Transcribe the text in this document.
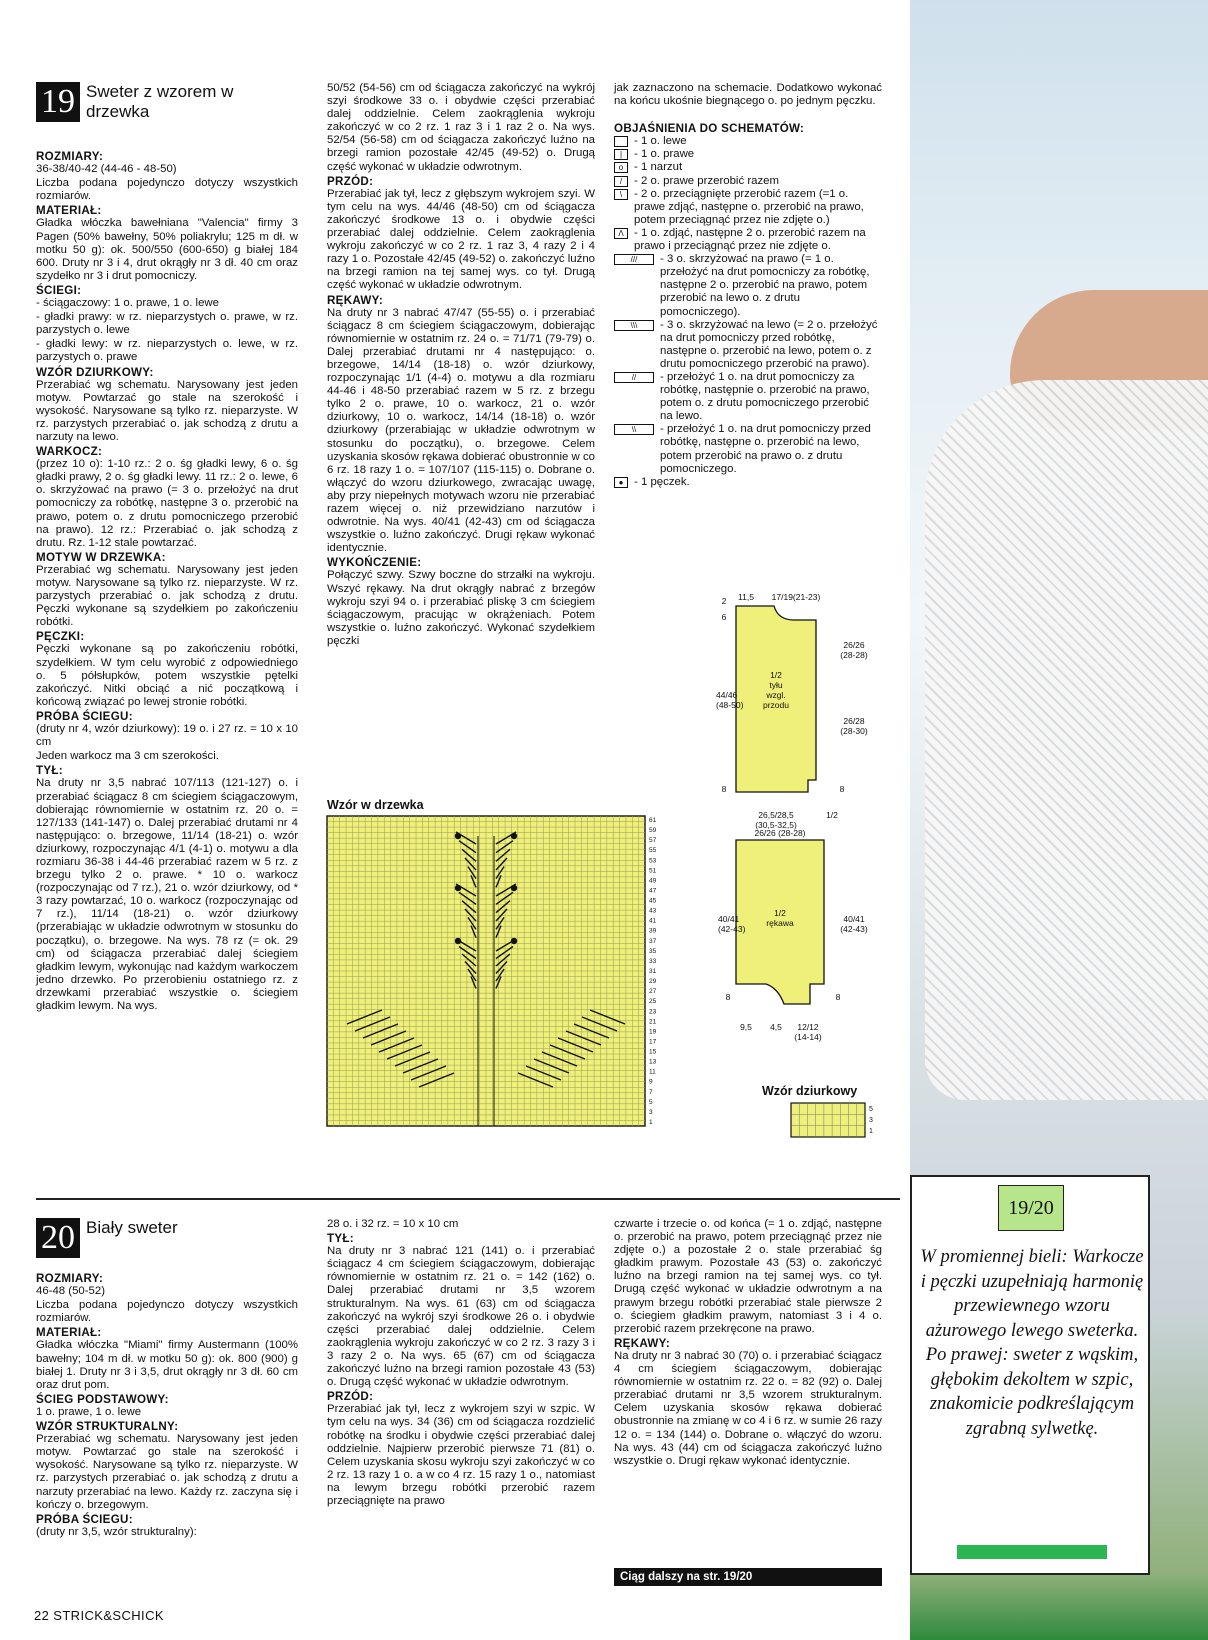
19 Sweter z wzorem w drzewka
ROZMIARY:

36-38/40-42 (44-46 - 48-50)

Liczba podana pojedynczo dotyczy wszystkich rozmiarów.

MATERIAŁ:

Gładka włóczka bawełniana "Valencia" firmy 3 Pagen (50% bawełny, 50% poliakrylu; 125 m dł. w motku 50 g): ok. 500/550 (600-650) g białej 184 600. Druty nr 3 i 4, drut okrągły nr 3 dł. 40 cm oraz szydełko nr 3 i drut pomocniczy.

ŚCIEGI:

- ściągaczowy: 1 o. prawe, 1 o. lewe

- gładki prawy: w rz. nieparzystych o. prawe, w rz. parzystych o. lewe

- gładki lewy: w rz. nieparzystych o. lewe, w rz. parzystych o. prawe

WZÓR DZIURKOWY:

Przerabiać wg schematu. Narysowany jest jeden motyw. Powtarzać go stale na szerokość i wysokość. Narysowane są tylko rz. nieparzyste. W rz. parzystych przerabiać o. jak schodzą z drutu a narzuty na lewo.

WARKOCZ:

(przez 10 o): 1-10 rz.: 2 o. śg gładki lewy, 6 o. śg gładki prawy, 2 o. śg gładki lewy. 11 rz.: 2 o. lewe, 6 o. skrzyżować na prawo (= 3 o. przełożyć na drut pomocniczy za robótkę, następne 3 o. przerobić na prawo, potem o. z drutu pomocniczego przerobić na prawo). 12 rz.: Przerabiać o. jak schodzą z drutu. Rz. 1-12 stale powtarzać.

MOTYW W DRZEWKA:

Przerabiać wg schematu. Narysowany jest jeden motyw. Narysowane są tylko rz. nieparzyste. W rz. parzystych przerabiać o. jak schodzą z drutu. Pęczki wykonane są szydełkiem po zakończeniu robótki.

PĘCZKI:

Pęczki wykonane są po zakończeniu robótki, szydełkiem. W tym celu wyrobić z odpowiedniego o. 5 półsłupków, potem wszystkie pętelki zakończyć. Nitki obciąć a nić początkową i końcową związać po lewej stronie robótki.

PRÓBA ŚCIEGU:

(druty nr 4, wzór dziurkowy): 19 o. i 27 rz. = 10 x 10 cm

Jeden warkocz ma 3 cm szerokości.

TYŁ:

Na druty nr 3,5 nabrać 107/113 (121-127) o. i przerabiać ściągacz 8 cm ściegiem ściągaczowym, dobierając równomiernie w ostatnim rz. 20 o. = 127/133 (141-147) o. Dalej przerabiać drutami nr 4 następująco: o. brzegowe, 11/14 (18-21) o. wzór dziurkowy, rozpoczynając 4/1 (4-1) o. motywu a dla rozmiaru 36-38 i 44-46 przerabiać razem w 5 rz. z brzegu tylko 2 o. prawe. * 10 o. warkocz (rozpoczynając od 7 rz.), 21 o. wzór dziurkowy, od * 3 razy powtarzać, 10 o. warkocz (rozpoczynając od 7 rz.), 11/14 (18-21) o. wzór dziurkowy (przerabiając w układzie odwrotnym w stosunku do początku), o. brzegowe. Na wys. 78 rz (= ok. 29 cm) od ściągacza przerabiać dalej ściegiem gładkim lewym, wykonując nad każdym warkoczem jedno drzewko. Po przerobieniu ostatniego rz. z drzewkami przerabiać wszystkie o. ściegiem gładkim lewym. Na wys.

50/52 (54-56) cm od ściągacza zakończyć na wykrój szyi środkowe 33 o. i obydwie części przerabiać dalej oddzielnie. Celem zaokrąglenia wykroju zakończyć w co 2 rz. 1 raz 3 i 1 raz 2 o. Na wys. 52/54 (56-58) cm od ściągacza zakończyć luźno na brzegi ramion pozostałe 42/45 (49-52) o. Drugą część wykonać w układzie odwrotnym.

PRZÓD:

Przerabiać jak tył, lecz z głębszym wykrojem szyi. W tym celu na wys. 44/46 (48-50) cm od ściągacza zakończyć środkowe 13 o. i obydwie części przerabiać dalej oddzielnie. Celem zaokrąglenia wykroju zakończyć w co 2 rz. 1 raz 3, 4 razy 2 i 4 razy 1 o. Pozostałe 42/45 (49-52) o. zakończyć luźno na brzegi ramion na tej samej wys. co tył. Drugą część wykonać w układzie odwrotnym.

RĘKAWY:

Na druty nr 3 nabrać 47/47 (55-55) o. i przerabiać ściągacz 8 cm ściegiem ściągaczowym, dobierając równomiernie w ostatnim rz. 24 o. = 71/71 (79-79) o. Dalej przerabiać drutami nr 4 następująco: o. brzegowe, 14/14 (18-18) o. wzór dziurkowy, rozpoczynając 1/1 (4-4) o. motywu a dla rozmiaru 44-46 i 48-50 przerabiać razem w 5 rz. z brzegu tylko 2 o. prawe, 10 o. warkocz, 21 o. wzór dziurkowy, 10 o. warkocz, 14/14 (18-18) o. wzór dziurkowy (przerabiając w układzie odwrotnym w stosunku do początku), o. brzegowe. Celem uzyskania skosów rękawa dobierać obustronnie w co 6 rz. 18 razy 1 o. = 107/107 (115-115) o. Dobrane o. włączyć do wzoru dziurkowego, zwracając uwagę, aby przy niepełnych motywach wzoru nie przerabiać razem więcej o. niż przewidziano narzutów i odwrotnie. Na wys. 40/41 (42-43) cm od ściągacza wszystkie o. luźno zakończyć. Drugi rękaw wykonać identycznie.

WYKOŃCZENIE:

Połączyć szwy. Szwy boczne do strzałki na wykroju. Wszyć rękawy. Na drut okrągły nabrać z brzegów wykroju szyi 94 o. i przerabiać pliskę 3 cm ściegiem ściągaczowym, pracując w okrążeniach. Potem wszystkie o. luźno zakończyć. Wykonać szydełkiem pęczki

jak zaznaczono na schemacie. Dodatkowo wykonać na końcu ukośnie biegnącego o. po jednym pęczku.

OBJAŚNIENIA DO SCHEMATÓW:
- 1 o. lewe
|	- 1 o. prawe
o - 1 narzut
/	- 2 o. prawe przerobić razem
\	- 2 o. przeciągnięte przerobić razem (=1 o. prawe zdjąć, następne o. przerobić na prawo, potem przeciągnąć przez nie zdjęte o.)
Λ - 1 o. zdjąć, następne 2 o. przerobić razem na prawo i przeciągnąć przez nie zdjęte o.
///	- 3 o. skrzyżować na prawo (= 1 o. przełożyć na drut pomocniczy za robótkę, następne 2 o. przerobić na prawo, potem przerobić na lewo o. z drutu pomocniczego).
\\\	- 3 o. skrzyżować na lewo (= 2 o. przełożyć na drut pomocniczy przed robótkę, następne o. przerobić na lewo, potem o. z drutu pomocniczego przerobić na prawo).
//	- przełożyć 1 o. na drut pomocniczy za robótkę, następnie o. przerobić na prawo, potem o. z drutu pomocniczego przerobić na lewo.
\\	- przełożyć 1 o. na drut pomocniczy przed robótkę, następne o. przerobić na lewo, potem przerobić na prawo o. z drutu pomocniczego.
● - 1 pęczek.
Wzór w drzewka
61
59
57
55
53
51
49
47
45
43
41
39
37
35
33
31
29
27
25
23
21
19
17
15
13
11
9
7
5
3
1
11,5 17/19(21-23)
2
6
26/26
(28-28)
44/46
(48-50)
1/2
tyłu
wzgl.
przodu
26/28
(28-30)
8	8
26,5/28,5
(30,5-32,5)
1/2
26/26 (28-28)
1/2
rękawa
40/41
(42-43)
40/41
(42-43)
8	8
9,5 4,5 12/12
(14-14)
Wzór dziurkowy
5
3
1
20 Biały sweter
ROZMIARY:

46-48 (50-52)

Liczba podana pojedynczo dotyczy wszystkich rozmiarów.

MATERIAŁ:

Gładka włóczka "Miami" firmy Austermann (100% bawełny; 104 m dł. w motku 50 g): ok. 800 (900) g białej 1. Druty nr 3 i 3,5, drut okrągły nr 3 dł. 60 cm oraz drut pom.

ŚCIEG PODSTAWOWY:

1 o. prawe, 1 o. lewe

WZÓR STRUKTURALNY:

Przerabiać wg schematu. Narysowany jest jeden motyw. Powtarzać go stale na szerokość i wysokość. Narysowane są tylko rz. nieparzyste. W rz. parzystych przerabiać o. jak schodzą z drutu a narzuty przerabiać na lewo. Każdy rz. zaczyna się i kończy o. brzegowym.

PRÓBA ŚCIEGU:

(druty nr 3,5, wzór strukturalny):

28 o. i 32 rz. = 10 x 10 cm

TYŁ:

Na druty nr 3 nabrać 121 (141) o. i przerabiać ściągacz 4 cm ściegiem ściągaczowym, dobierając równomiernie w ostatnim rz. 21 o. = 142 (162) o. Dalej przerabiać drutami nr 3,5 wzorem strukturalnym. Na wys. 61 (63) cm od ściągacza zakończyć na wykrój szyi środkowe 26 o. i obydwie części przerabiać dalej oddzielnie. Celem zaokrąglenia wykroju zakończyć w co 2 rz. 3 razy 3 i 3 razy 2 o. Na wys. 65 (67) cm od ściągacza zakończyć luźno na brzegi ramion pozostałe 43 (53) o. Drugą część wykonać w układzie odwrotnym.

PRZÓD:

Przerabiać jak tył, lecz z wykrojem szyi w szpic. W tym celu na wys. 34 (36) cm od ściągacza rozdzielić robótkę na środku i obydwie części przerabiać dalej oddzielnie. Najpierw przerobić pierwsze 71 (81) o. Celem uzyskania skosu wykroju szyi zakończyć w co 2 rz. 13 razy 1 o. a w co 4 rz. 15 razy 1 o., natomiast na lewym brzegu robótki przerobić razem przeciągnięte na prawo

czwarte i trzecie o. od końca (= 1 o. zdjąć, następne o. przerobić na prawo, potem przeciągnąć przez nie zdjęte o.) a pozostałe 2 o. stale przerabiać śg gładkim prawym. Pozostałe 43 (53) o. zakończyć luźno na brzegi ramion na tej samej wys. co tył. Drugą część wykonać w układzie odwrotnym a na prawym brzegu robótki przerabiać stale pierwsze 2 o. ściegiem gładkim prawym, natomiast 3 i 4 o. przerobić razem przekręcone na prawo.

RĘKAWY:

Na druty nr 3 nabrać 30 (70) o. i przerabiać ściągacz 4 cm ściegiem ściągaczowym, dobierając równomiernie w ostatnim rz. 22 o. = 82 (92) o. Dalej przerabiać drutami nr 3,5 wzorem strukturalnym. Celem uzyskania skosów rękawa dobierać obustronnie na zmianę w co 4 i 6 rz. w sumie 26 razy 12 o. = 134 (144) o. Dobrane o. włączyć do wzoru. Na wys. 43 (44) cm od ściągacza zakończyć luźno wszystkie o. Drugi rękaw wykonać identycznie.

Ciąg dalszy na str. 19/20
19/20
W promiennej bieli: Warkocze i pęczki uzupełniają harmonię przewiewnego wzoru ażurowego lewego sweterka. Po prawej: sweter z wąskim, głębokim dekoltem w szpic, znakomicie podkreślającym zgrabną sylwetkę.
22 STRICK&SCHICK
